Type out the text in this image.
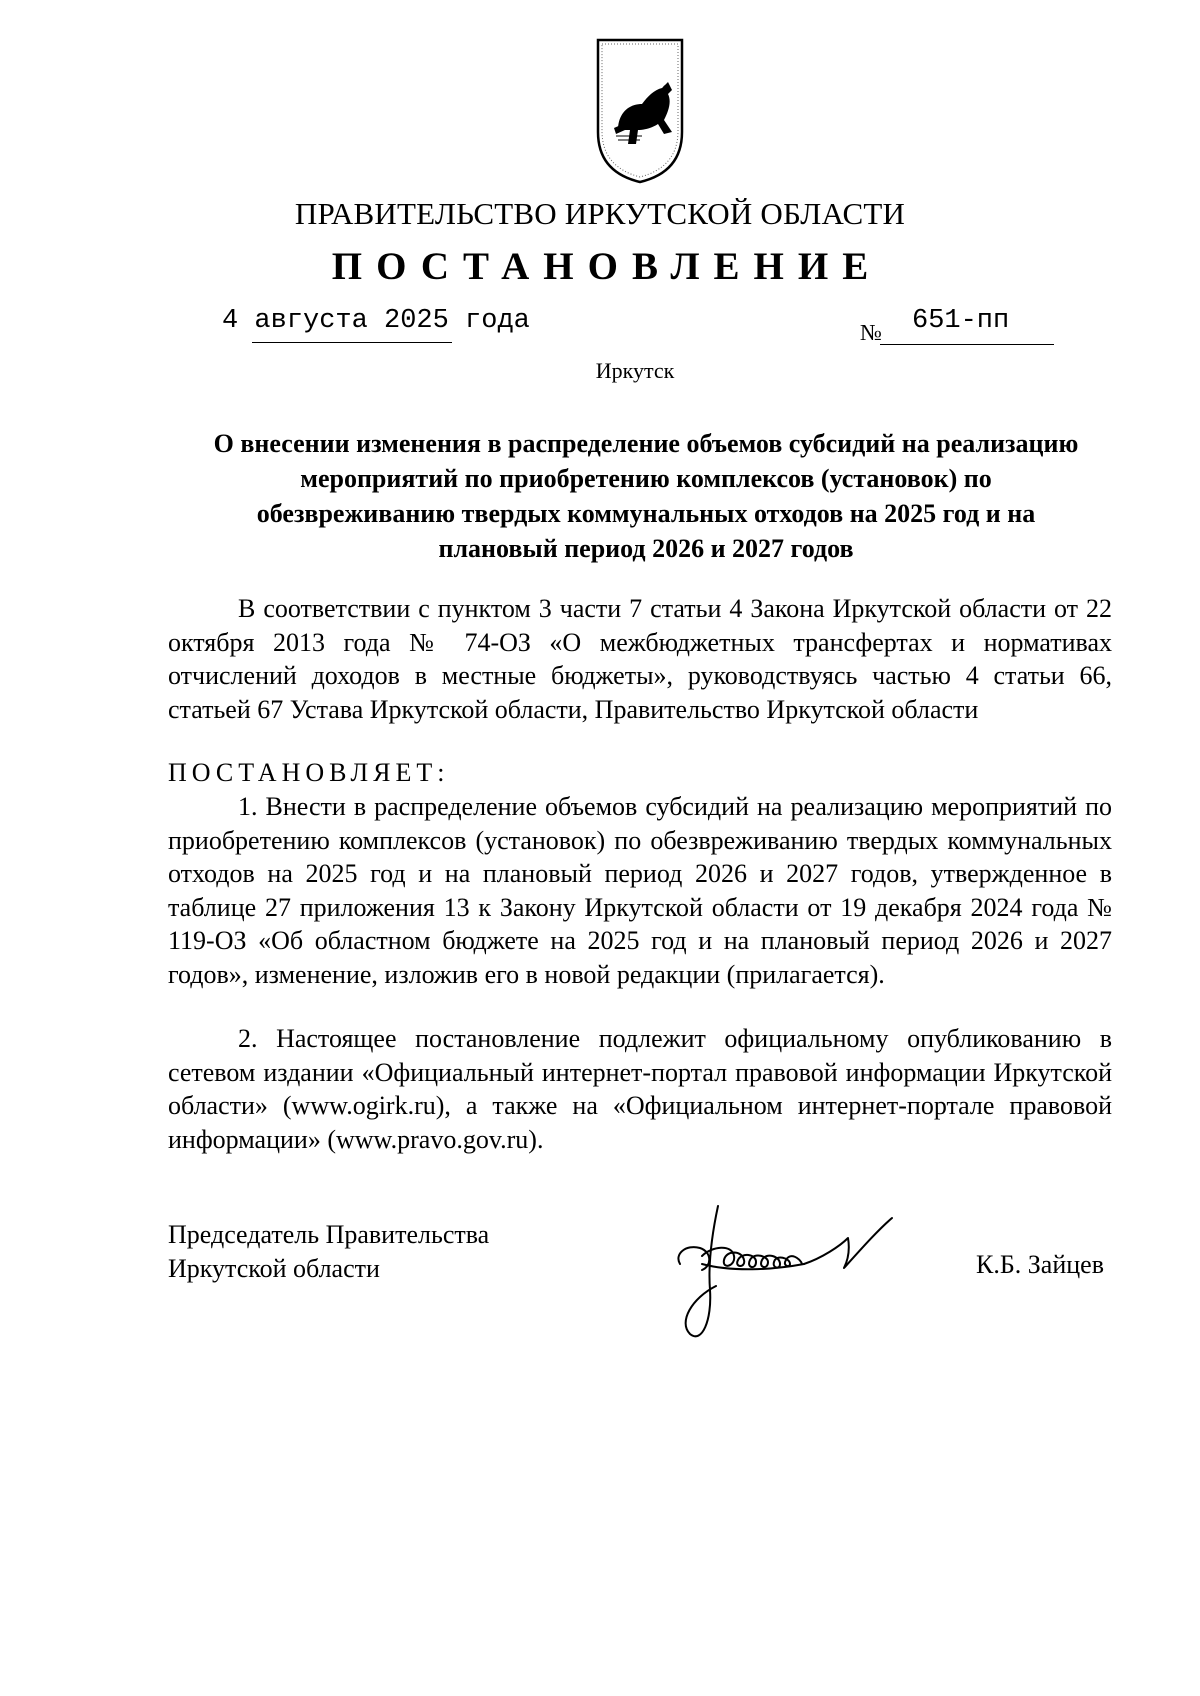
ПРАВИТЕЛЬСТВО ИРКУТСКОЙ ОБЛАСТИ
ПОСТАНОВЛЕНИЕ
4 августа 2025 года	№ 651-пп
Иркутск
О внесении изменения в распределение объемов субсидий на реализацию
мероприятий по приобретению комплексов (установок) по
обезвреживанию твердых коммунальных отходов на 2025 год и на
плановый период 2026 и 2027 годов
В соответствии с пунктом 3 части 7 статьи 4 Закона Иркутской области от 22 октября 2013 года № 74-ОЗ «О межбюджетных трансфертах и нормативах отчислений доходов в местные бюджеты», руководствуясь частью 4 статьи 66, статьей 67 Устава Иркутской области, Правительство Иркутской области
ПОСТАНОВЛЯЕТ:
1. Внести в распределение объемов субсидий на реализацию мероприятий по приобретению комплексов (установок) по обезвреживанию твердых коммунальных отходов на 2025 год и на плановый период 2026 и 2027 годов, утвержденное в таблице 27 приложения 13 к Закону Иркутской области от 19 декабря 2024 года № 119-ОЗ «Об областном бюджете на 2025 год и на плановый период 2026 и 2027 годов», изменение, изложив его в новой редакции (прилагается).
2. Настоящее постановление подлежит официальному опубликованию в сетевом издании «Официальный интернет-портал правовой информации Иркутской области» (www.ogirk.ru), а также на «Официальном интернет-портале правовой информации» (www.pravo.gov.ru).
Председатель Правительства
Иркутской области	К.Б. Зайцев
